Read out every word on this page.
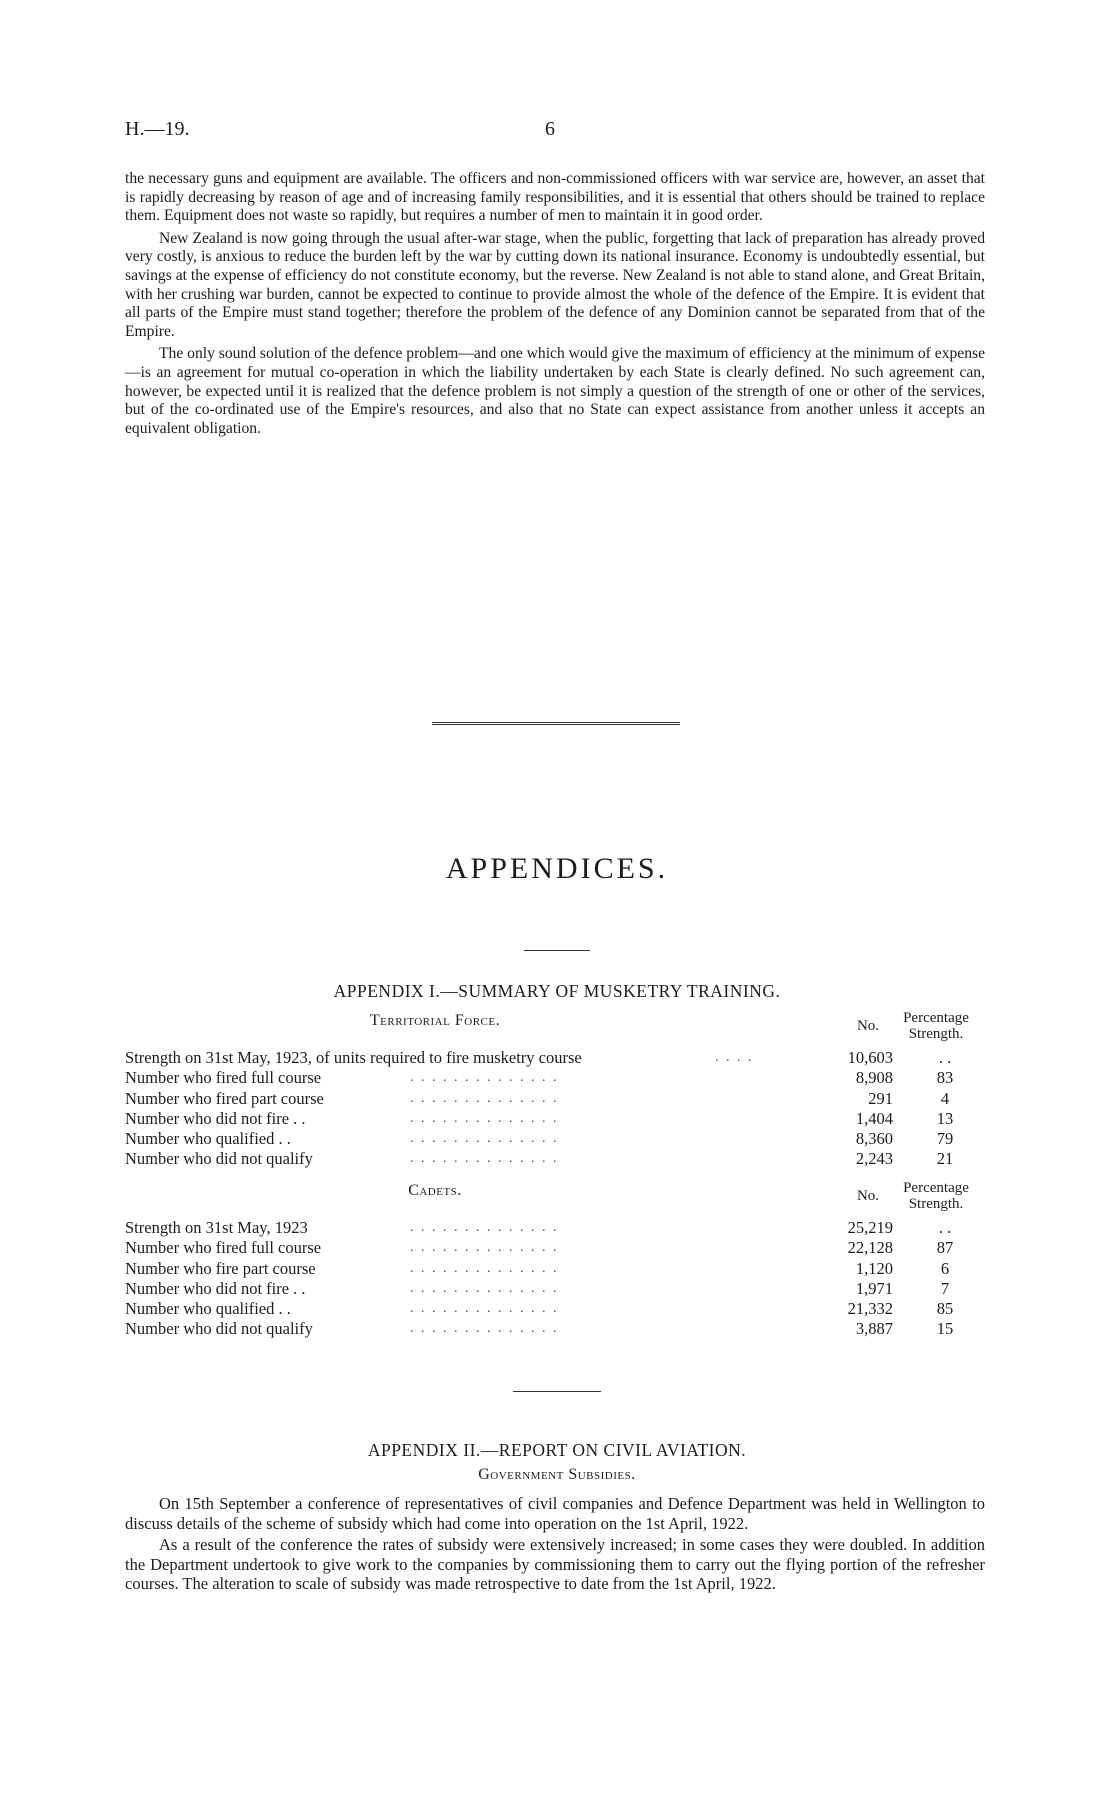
H.—19.	6

the necessary guns and equipment are available. The officers and non-commissioned officers with war service are, however, an asset that is rapidly decreasing by reason of age and of increasing family responsibilities, and it is essential that others should be trained to replace them. Equipment does not waste so rapidly, but requires a number of men to maintain it in good order.

New Zealand is now going through the usual after-war stage, when the public, forgetting that lack of preparation has already proved very costly, is anxious to reduce the burden left by the war by cutting down its national insurance. Economy is undoubtedly essential, but savings at the expense of efficiency do not constitute economy, but the reverse. New Zealand is not able to stand alone, and Great Britain, with her crushing war burden, cannot be expected to continue to provide almost the whole of the defence of the Empire. It is evident that all parts of the Empire must stand together; therefore the problem of the defence of any Dominion cannot be separated from that of the Empire.

The only sound solution of the defence problem—and one which would give the maximum of efficiency at the minimum of expense—is an agreement for mutual co-operation in which the liability undertaken by each State is clearly defined. No such agreement can, however, be expected until it is realized that the defence problem is not simply a question of the strength of one or other of the services, but of the co-ordinated use of the Empire's resources, and also that no State can expect assistance from another unless it accepts an equivalent obligation.

APPENDICES.
APPENDIX I.—SUMMARY OF MUSKETRY TRAINING.
Territorial Force.	No.	Percentage Strength.
Strength on 31st May, 1923, of units required to fire musketry course	. . . .	10,603	. .
Number who fired full course	. . . . . . . . . . . . . .	8,908	83
Number who fired part course	. . . . . . . . . . . . . .	291	4
Number who did not fire . .	. . . . . . . . . . . . . .	1,404	13
Number who qualified . .	. . . . . . . . . . . . . .	8,360	79
Number who did not qualify	. . . . . . . . . . . . . .	2,243	21
Cadets.	No.	Percentage Strength.
Strength on 31st May, 1923	. . . . . . . . . . . . . .	25,219	. .
Number who fired full course	. . . . . . . . . . . . . .	22,128	87
Number who fire part course	. . . . . . . . . . . . . .	1,120	6
Number who did not fire . .	. . . . . . . . . . . . . .	1,971	7
Number who qualified . .	. . . . . . . . . . . . . .	21,332	85
Number who did not qualify	. . . . . . . . . . . . . .	3,887	15
APPENDIX II.—REPORT ON CIVIL AVIATION.
Government Subsidies.

On 15th September a conference of representatives of civil companies and Defence Department was held in Wellington to discuss details of the scheme of subsidy which had come into operation on the 1st April, 1922.

As a result of the conference the rates of subsidy were extensively increased; in some cases they were doubled. In addition the Department undertook to give work to the companies by commissioning them to carry out the flying portion of the refresher courses. The alteration to scale of subsidy was made retrospective to date from the 1st April, 1922.
